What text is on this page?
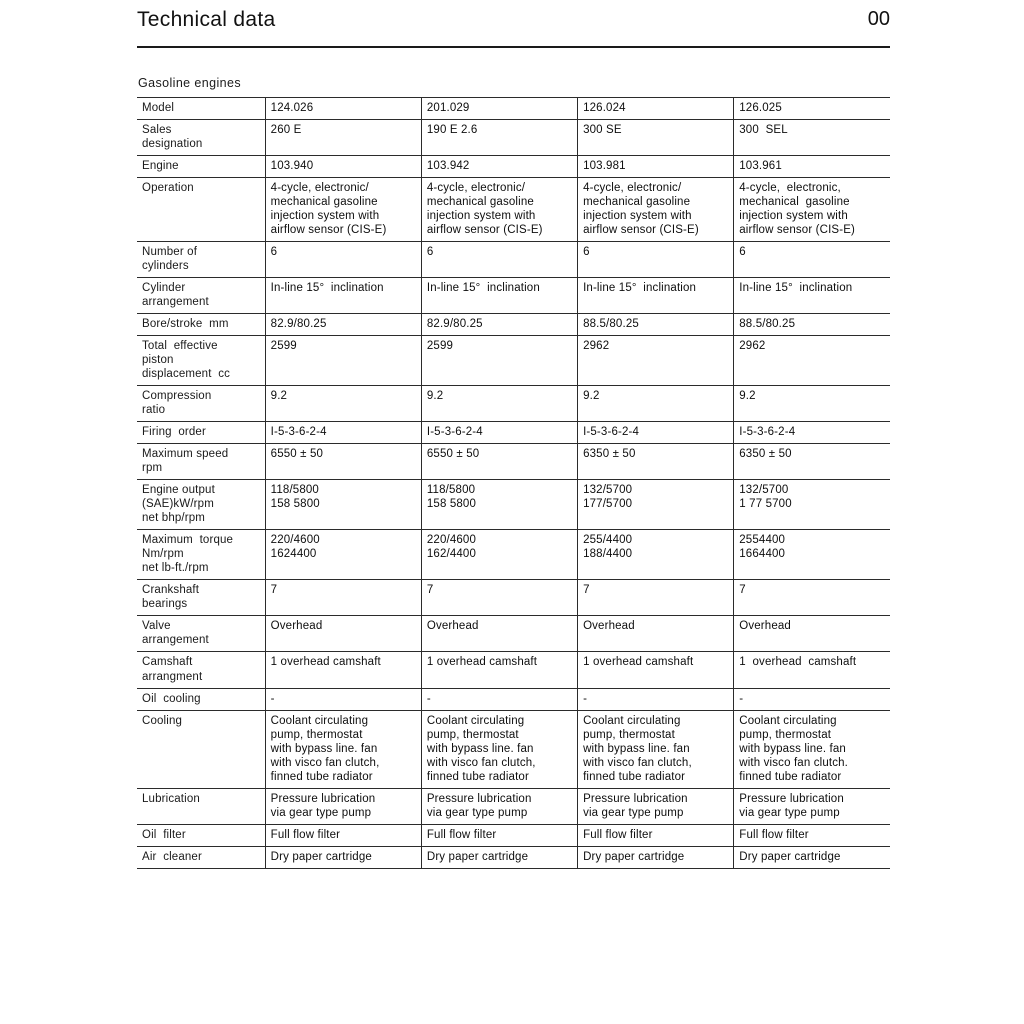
Technical data	00
Gasoline engines
Model	124.026	201.029	126.024	126.025

Sales
designation	260 E	190 E 2.6	300 SE	300  SEL

Engine	103.940	103.942	103.981	103.961

Operation	4-cycle, electronic/
mechanical gasoline
injection system with
airflow sensor (CIS-E)	4-cycle, electronic/
mechanical gasoline
injection system with
airflow sensor (CIS-E)	4-cycle, electronic/
mechanical gasoline
injection system with
airflow sensor (CIS-E)	4-cycle,  electronic,
mechanical  gasoline
injection system with
airflow sensor (CIS-E)

Number of
cylinders	6	6	6	6

Cylinder
arrangement	In-line 15°  inclination	In-line 15°  inclination	In-line 15°  inclination	In-line 15°  inclination

Bore/stroke  mm	82.9/80.25	82.9/80.25	88.5/80.25	88.5/80.25

Total  effective
piston
displacement  cc	2599	2599	2962	2962

Compression
ratio	9.2	9.2	9.2	9.2

Firing  order	I-5-3-6-2-4	I-5-3-6-2-4	I-5-3-6-2-4	I-5-3-6-2-4

Maximum speed
rpm	6550 ± 50	6550 ± 50	6350 ± 50	6350 ± 50

Engine output
(SAE)kW/rpm
net bhp/rpm	118/5800
158 5800	118/5800
158 5800	132/5700
177/5700	132/5700
1 77 5700

Maximum  torque
Nm/rpm
net lb-ft./rpm	220/4600
1624400	220/4600
162/4400	255/4400
188/4400	2554400
1664400

Crankshaft
bearings	7	7	7	7

Valve
arrangement	Overhead	Overhead	Overhead	Overhead

Camshaft
arrangment	1 overhead camshaft	1 overhead camshaft	1 overhead camshaft	1  overhead  camshaft

Oil  cooling	-	-	-	-

Cooling	Coolant circulating
pump, thermostat
with bypass line. fan
with visco fan clutch,
finned tube radiator	Coolant circulating
pump, thermostat
with bypass line. fan
with visco fan clutch,
finned tube radiator	Coolant circulating
pump, thermostat
with bypass line. fan
with visco fan clutch,
finned tube radiator	Coolant circulating
pump, thermostat
with bypass line. fan
with visco fan clutch.
finned tube radiator

Lubrication	Pressure lubrication
via gear type pump	Pressure lubrication
via gear type pump	Pressure lubrication
via gear type pump	Pressure lubrication
via gear type pump

Oil  filter	Full flow filter	Full flow filter	Full flow filter	Full flow filter

Air  cleaner	Dry paper cartridge	Dry paper cartridge	Dry paper cartridge	Dry paper cartridge
